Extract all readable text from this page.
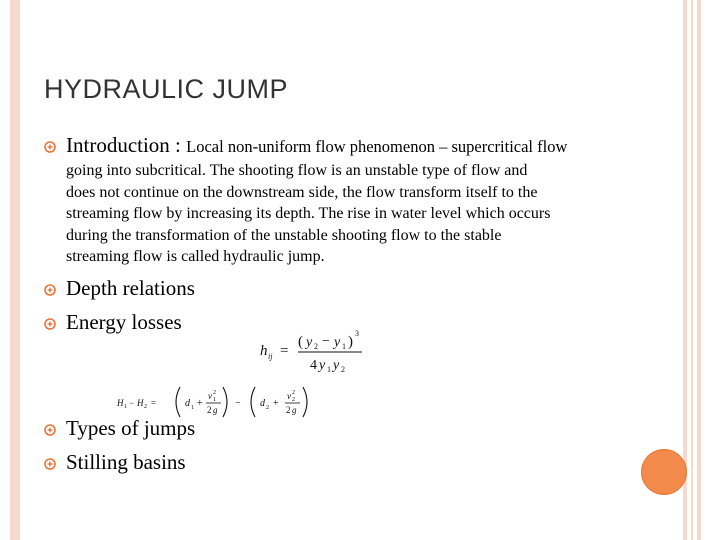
HYDRAULIC JUMP
Introduction : Local non-uniform flow phenomenon – supercritical flow
going into subcritical. The shooting flow is an unstable type of flow and
does not continue on the downstream side, the flow transform itself to the
streaming flow by increasing its depth. The rise in water level which occurs
during the transformation of the unstable shooting flow to the stable
streaming flow is called hydraulic jump.
Depth relations
Energy losses
h ij =
( y 2 − y 1 )
3
4 y 1 y 2
H 1 − H 2 =	d 1 +
v 1
2
2 g
− d 2 +
v 2
2
2 g
Types of jumps
Stilling basins
